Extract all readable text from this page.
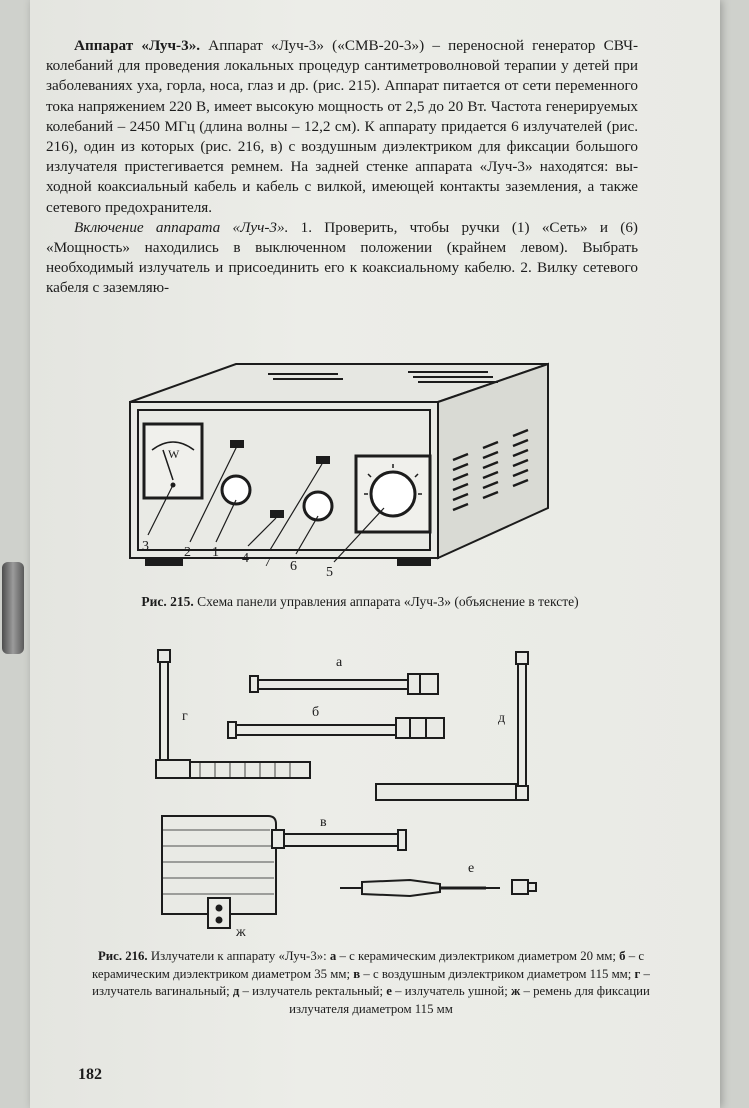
Аппарат «Луч-3». Аппарат «Луч-3» («СМВ-20-3») – переносной генератор СВЧ-колебаний для проведения локальных процедур сантиметроволновой терапии у детей при заболеваниях уха, горла, носа, глаз и др. (рис. 215). Аппарат питается от сети переменного тока напряжением 220 В, имеет высокую мощность от 2,5 до 20 Вт. Частота генерируемых колебаний – 2450 МГц (длина волны – 12,2 см). К аппарату придается 6 излучателей (рис. 216), один из которых (рис. 216, в) с воздушным диэлектриком для фиксации большого излучателя пристегивается ремнем. На задней стенке аппарата «Луч-3» находятся: выходной коаксиальный кабель и кабель с вилкой, имеющей контакты заземления, а также сетевого предохранителя.

Включение аппарата «Луч-3». 1. Проверить, чтобы ручки (1) «Сеть» и (6) «Мощность» находились в выключенном положении (крайнем левом). Выбрать необходимый излучатель и присоединить его к коаксиальному кабелю. 2. Вилку сетевого кабеля с заземляю-

W
3	2 1 4 7 6 5
Рис. 215. Схема панели управления аппарата «Луч-3» (объяснение в тексте)
а
б
в
г	д
е
ж
Рис. 216. Излучатели к аппарату «Луч-3»: а – с керамическим диэлектриком диаметром 20 мм; б – с керамическим диэлектриком диаметром 35 мм; в – с воздушным диэлектриком диаметром 115 мм; г – излучатель вагинальный; д – излучатель ректальный; е – излучатель ушной; ж – ремень для фиксации излучателя диаметром 115 мм
182
